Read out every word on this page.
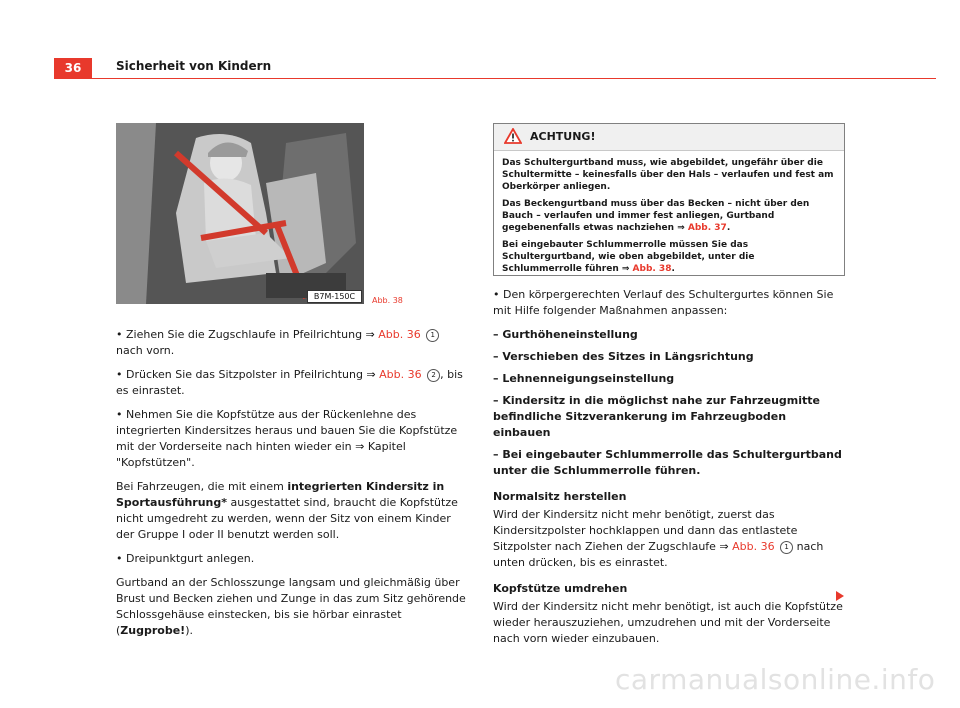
36	Sicherheit von Kindern
B7M-150C	Abb. 38

• Ziehen Sie die Zugschlaufe in Pfeilrichtung ⇒ Abb. 36 1 nach vorn.

• Drücken Sie das Sitzpolster in Pfeilrichtung ⇒ Abb. 36 2 , bis es einrastet.

• Nehmen Sie die Kopfstütze aus der Rückenlehne des integrierten Kindersitzes heraus und bauen Sie die Kopfstütze mit der Vorderseite nach hinten wieder ein ⇒ Kapitel "Kopfstützen".

Bei Fahrzeugen, die mit einem integrierten Kindersitz in Sportausführung* ausgestattet sind, braucht die Kopfstütze nicht umgedreht zu werden, wenn der Sitz von einem Kinder der Gruppe I oder II benutzt werden soll.

• Dreipunktgurt anlegen.

Gurtband an der Schlosszunge langsam und gleichmäßig über Brust und Becken ziehen und Zunge in das zum Sitz gehörende Schlossgehäuse einstecken, bis sie hörbar einrastet (Zugprobe!).

ACHTUNG!

Das Schultergurtband muss, wie abgebildet, ungefähr über die Schultermitte – keinesfalls über den Hals – verlaufen und fest am Oberkörper anliegen.

Das Beckengurtband muss über das Becken – nicht über den Bauch – verlaufen und immer fest anliegen, Gurtband gegebenenfalls etwas nachziehen ⇒ Abb. 37.

Bei eingebauter Schlummerrolle müssen Sie das Schultergurtband, wie oben abgebildet, unter die Schlummerrolle führen ⇒ Abb. 38.

• Den körpergerechten Verlauf des Schultergurtes können Sie mit Hilfe folgender Maßnahmen anpassen:

– Gurthöheneinstellung
– Verschieben des Sitzes in Längsrichtung
– Lehnenneigungseinstellung
– Kindersitz in die möglichst nahe zur Fahrzeugmitte befindliche Sitzverankerung im Fahrzeugboden einbauen
– Bei eingebauter Schlummerrolle das Schultergurtband unter die Schlummerrolle führen.
Normalsitz herstellen

Wird der Kindersitz nicht mehr benötigt, zuerst das Kindersitzpolster hochklappen und dann das entlastete Sitzpolster nach Ziehen der Zugschlaufe ⇒ Abb. 36 1 nach unten drücken, bis es einrastet.

Kopfstütze umdrehen

Wird der Kindersitz nicht mehr benötigt, ist auch die Kopfstütze wieder herauszuziehen, umzudrehen und mit der Vorderseite nach vorn wieder einzubauen.

carmanualsonline.info
